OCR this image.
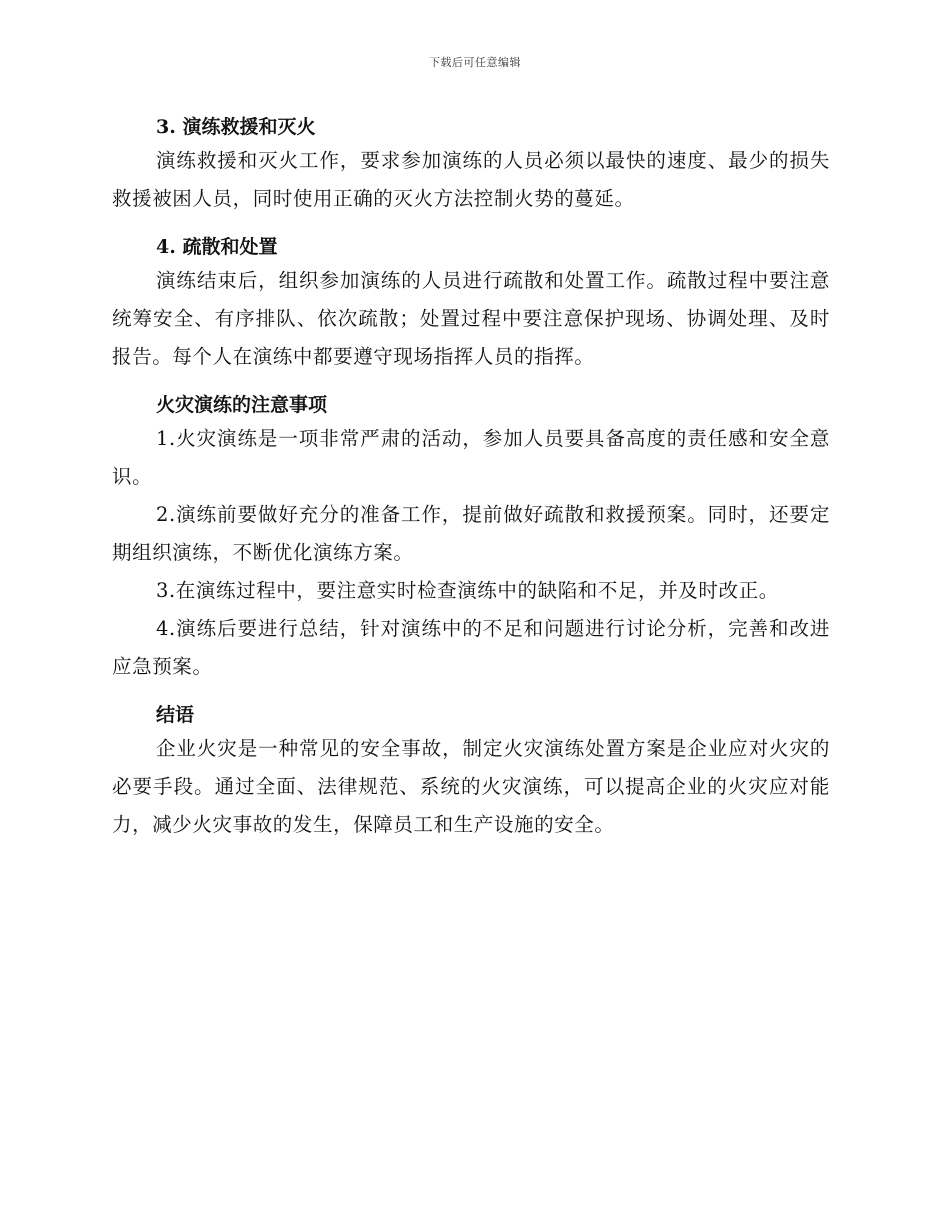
下载后可任意编辑
3. 演练救援和灭火

演练救援和灭火工作，要求参加演练的人员必须以最快的速度、最少的损失救援被困人员，同时使用正确的灭火方法控制火势的蔓延。

4. 疏散和处置

演练结束后，组织参加演练的人员进行疏散和处置工作。疏散过程中要注意统筹安全、有序排队、依次疏散；处置过程中要注意保护现场、协调处理、及时报告。每个人在演练中都要遵守现场指挥人员的指挥。

火灾演练的注意事项

1.火灾演练是一项非常严肃的活动，参加人员要具备高度的责任感和安全意识。

2.演练前要做好充分的准备工作，提前做好疏散和救援预案。同时，还要定期组织演练，不断优化演练方案。

3.在演练过程中，要注意实时检查演练中的缺陷和不足，并及时改正。

4.演练后要进行总结，针对演练中的不足和问题进行讨论分析，完善和改进应急预案。

结语

企业火灾是一种常见的安全事故，制定火灾演练处置方案是企业应对火灾的必要手段。通过全面、法律规范、系统的火灾演练，可以提高企业的火灾应对能力，减少火灾事故的发生，保障员工和生产设施的安全。
